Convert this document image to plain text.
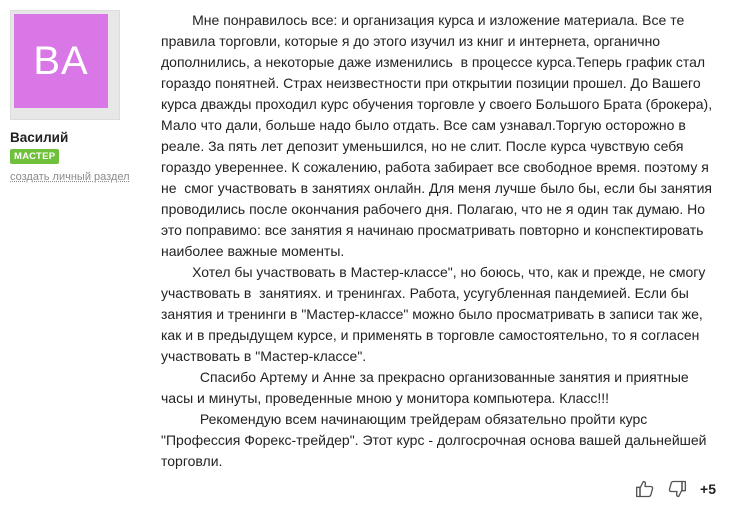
BA
Василий
МАСТЕР
создать личный раздел

Мне понравилось все: и организация курса и изложение материала. Все те правила торговли, которые я до этого изучил из книг и интернета, органично дополнились, а некоторые даже изменились  в процессе курса.Теперь график стал гораздо понятней. Страх неизвестности при открытии позиции прошел. До Вашего курса дважды проходил курс обучения торговле у своего Большого Брата (брокера), Мало что дали, больше надо было отдать. Все сам узнавал.Торгую осторожно в реале. За пять лет депозит уменьшился, но не слит. После курса чувствую себя гораздо увереннее. К сожалению, работа забирает все свободное время. поэтому я не  смог участвовать в занятиях онлайн. Для меня лучше было бы, если бы занятия проводились после окончания рабочего дня. Полагаю, что не я один так думаю. Но это поправимо: все занятия я начинаю просматривать повторно и конспектировать наиболее важные моменты.

Хотел бы участвовать в Мастер-классе", но боюсь, что, как и прежде, не смогу участвовать в  занятиях. и тренингах. Работа, усугубленная пандемией. Если бы занятия и тренинги в "Мастер-классе" можно было просматривать в записи так же, как и в предыдущем курсе, и применять в торговле самостоятельно, то я согласен участвовать в "Мастер-классе".

Спасибо Артему и Анне за прекрасно организованные занятия и приятные часы и минуты, проведенные мною у монитора компьютера. Класс!!!

Рекомендую всем начинающим трейдерам обязательно пройти курс "Профессия Форекс-трейдер". Этот курс - долгосрочная основа вашей дальнейшей торговли.

+5
